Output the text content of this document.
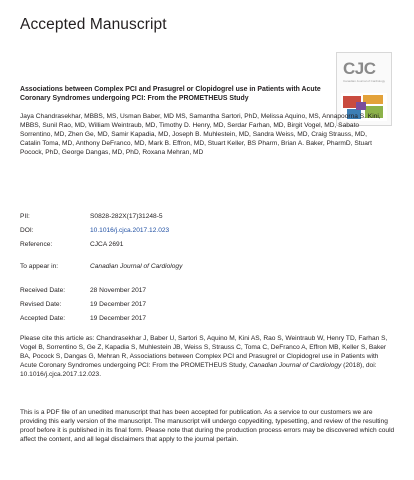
Accepted Manuscript
CJC
Canadian Journal of Cardiology
Associations between Complex PCI and Prasugrel or Clopidogrel use in Patients with Acute Coronary Syndromes undergoing PCI: From the PROMETHEUS Study
Jaya Chandrasekhar, MBBS, MS, Usman Baber, MD MS, Samantha Sartori, PhD, Melissa Aquino, MS, Annapoorna S. Kini, MBBS, Sunil Rao, MD, William Weintraub, MD, Timothy D. Henry, MD, Serdar Farhan, MD, Birgit Vogel, MD, Sabato Sorrentino, MD, Zhen Ge, MD, Samir Kapadia, MD, Joseph B. Muhlestein, MD, Sandra Weiss, MD, Craig Strauss, MD, Catalin Toma, MD, Anthony DeFranco, MD, Mark B. Effron, MD, Stuart Keller, BS Pharm, Brian A. Baker, PharmD, Stuart Pocock, PhD, George Dangas, MD, PhD, Roxana Mehran, MD
PII:	S0828-282X(17)31248-5
DOI:	10.1016/j.cjca.2017.12.023
Reference:	CJCA 2691
To appear in:	Canadian Journal of Cardiology
Received Date:	28 November 2017
Revised Date:	19 December 2017
Accepted Date:	19 December 2017
Please cite this article as: Chandrasekhar J, Baber U, Sartori S, Aquino M, Kini AS, Rao S, Weintraub W, Henry TD, Farhan S, Vogel B, Sorrentino S, Ge Z, Kapadia S, Muhlestein JB, Weiss S, Strauss C, Toma C, DeFranco A, Effron MB, Keller S, Baker BA, Pocock S, Dangas G, Mehran R, Associations between Complex PCI and Prasugrel or Clopidogrel use in Patients with Acute Coronary Syndromes undergoing PCI: From the PROMETHEUS Study, Canadian Journal of Cardiology (2018), doi: 10.1016/j.cjca.2017.12.023.
This is a PDF file of an unedited manuscript that has been accepted for publication. As a service to our customers we are providing this early version of the manuscript. The manuscript will undergo copyediting, typesetting, and review of the resulting proof before it is published in its final form. Please note that during the production process errors may be discovered which could affect the content, and all legal disclaimers that apply to the journal pertain.
